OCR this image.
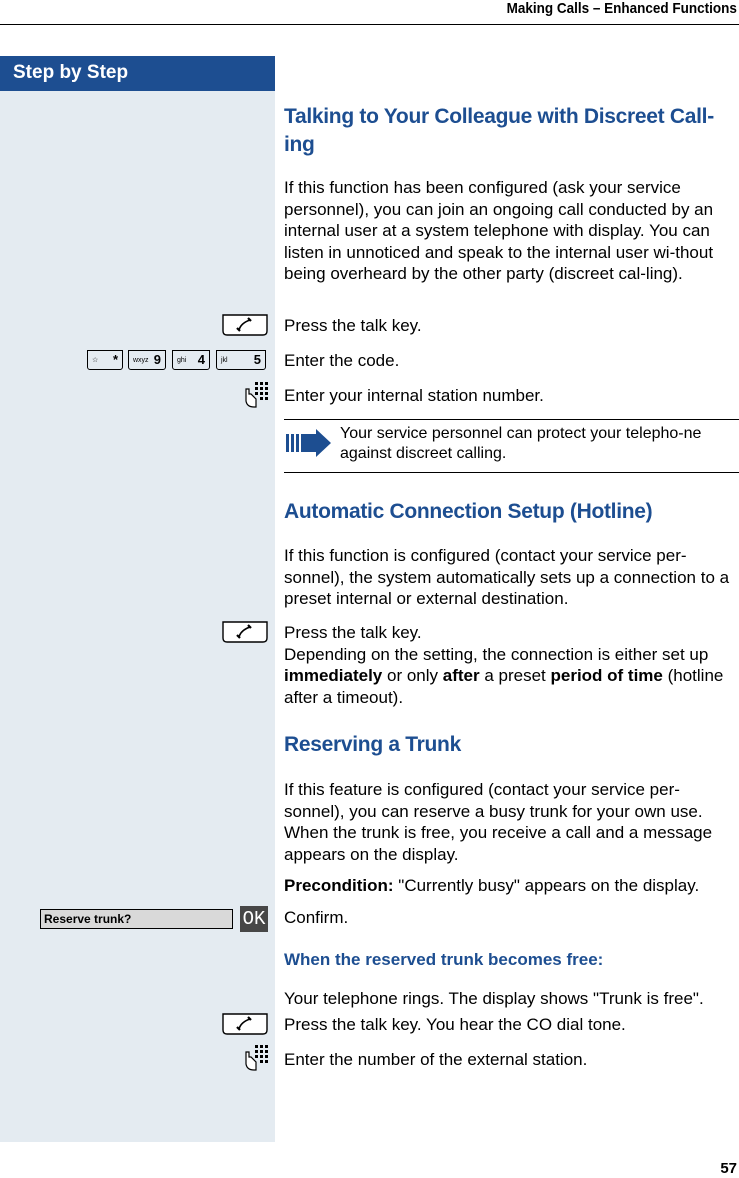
Making Calls – Enhanced Functions
Step by Step
Talking to Your Colleague with Discreet Call-
ing
If this function has been configured (ask your service personnel), you can join an ongoing call conducted by an internal user at a system telephone with display. You can listen in unnoticed and speak to the internal user wi-thout being overheard by the other party (discreet cal-ling).
Press the talk key.
☆ *	wxyz 9	ghi 4	jkl 5 Enter the code.
Enter your internal station number.
Your service personnel can protect your telepho-ne against discreet calling.
Automatic Connection Setup (Hotline)
If this function is configured (contact your service per-sonnel), the system automatically sets up a connection to a preset internal or external destination.
Press the talk key.
Depending on the setting, the connection is either set up immediately or only after a preset period of time (hotline after a timeout).
Reserving a Trunk
If this feature is configured (contact your service per-sonnel), you can reserve a busy trunk for your own use. When the trunk is free, you receive a call and a message appears on the display.
Precondition: "Currently busy" appears on the display.
Reserve trunk?	OK Confirm.
When the reserved trunk becomes free:
Your telephone rings. The display shows "Trunk is free".
Press the talk key. You hear the CO dial tone.
Enter the number of the external station.
57
